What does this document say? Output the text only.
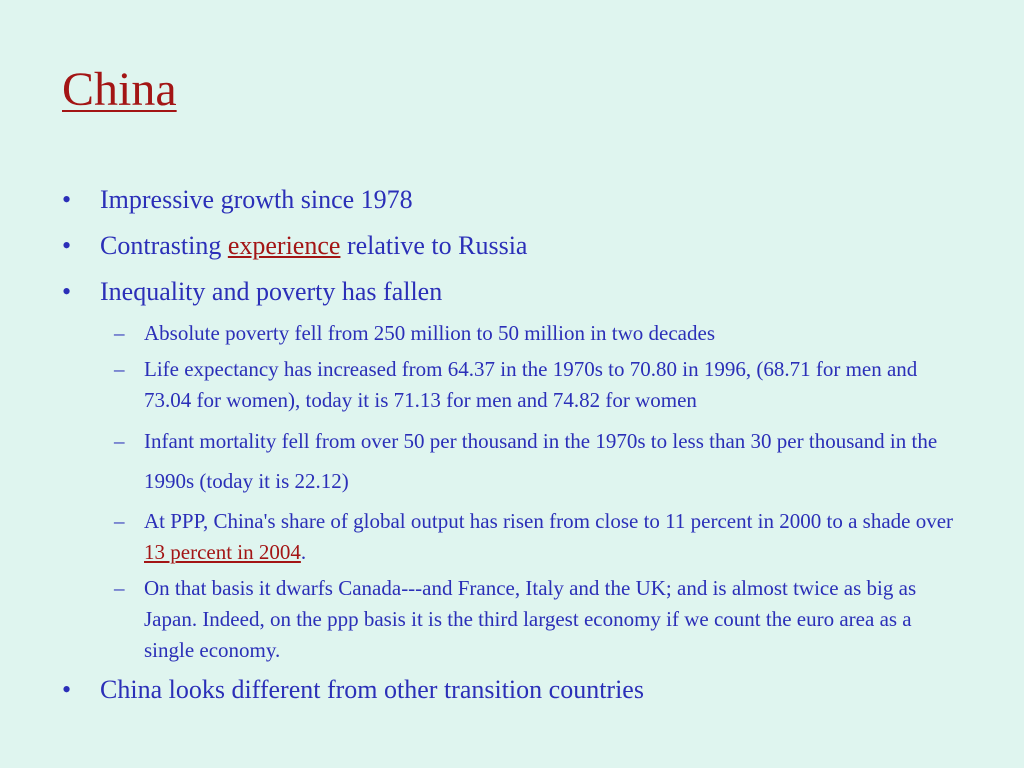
China
• Impressive growth since 1978
• Contrasting experience relative to Russia
• Inequality and poverty has fallen
– Absolute poverty fell from 250 million to 50 million in two decades
– Life expectancy has increased from 64.37 in the 1970s to 70.80 in 1996, (68.71 for men and 73.04 for women), today it is 71.13 for men and 74.82 for women
– Infant mortality fell from over 50 per thousand in the 1970s to less than 30 per thousand in the 1990s (today it is 22.12)
– At PPP, China's share of global output has risen from close to 11 percent in 2000 to a shade over 13 percent in 2004.
– On that basis it dwarfs Canada---and France, Italy and the UK; and is almost twice as big as Japan. Indeed, on the ppp basis it is the third largest economy if we count the euro area as a single economy.
• China looks different from other transition countries
